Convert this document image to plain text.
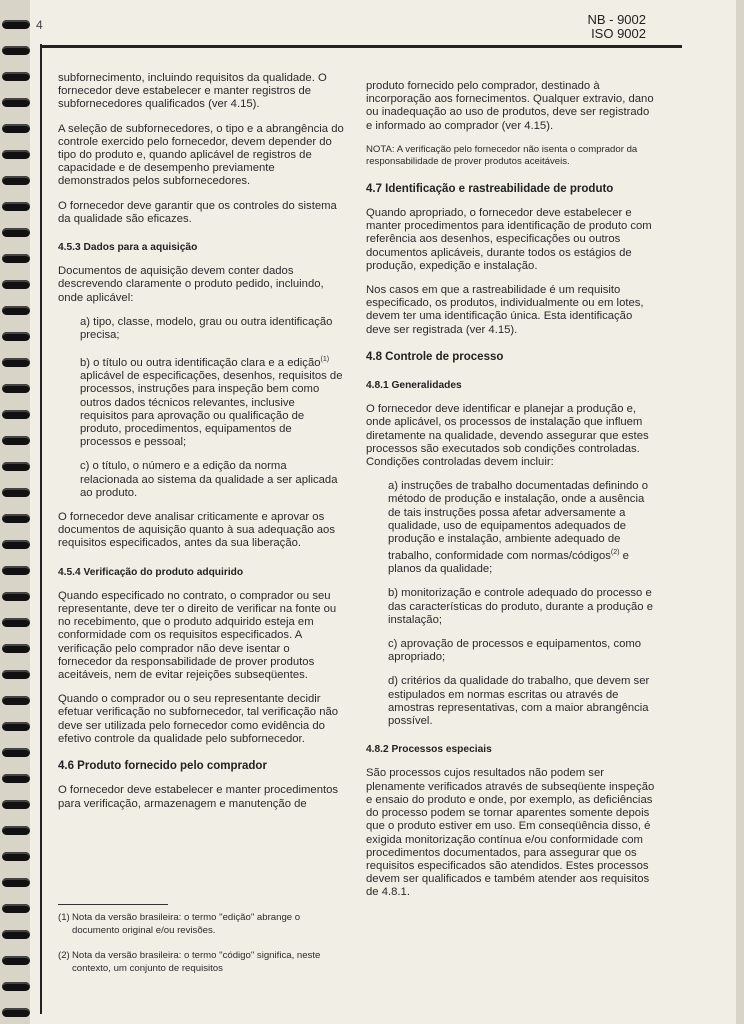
4	NB - 9002
ISO 9002

subfornecimento, incluindo requisitos da qualidade. O fornecedor deve estabelecer e manter registros de subfornecedores qualificados (ver 4.15).

A seleção de subfornecedores, o tipo e a abrangência do controle exercido pelo fornecedor, devem depender do tipo do produto e, quando aplicável de registros de capacidade e de desempenho previamente demonstrados pelos subfornecedores.

O fornecedor deve garantir que os controles do sistema da qualidade são eficazes.

4.5.3 Dados para a aquisição

Documentos de aquisição devem conter dados descrevendo claramente o produto pedido, incluindo, onde aplicável:

a) tipo, classe, modelo, grau ou outra identificação precisa;

b) o título ou outra identificação clara e a edição$^{(1)}$ aplicável de especificações, desenhos, requisitos de processos, instruções para inspeção bem como outros dados técnicos relevantes, inclusive requisitos para aprovação ou qualificação de produto, procedimentos, equipamentos de processos e pessoal;

c) o título, o número e a edição da norma relacionada ao sistema da qualidade a ser aplicada ao produto.

O fornecedor deve analisar criticamente e aprovar os documentos de aquisição quanto à sua adequação aos requisitos especificados, antes da sua liberação.

4.5.4 Verificação do produto adquirido

Quando especificado no contrato, o comprador ou seu representante, deve ter o direito de verificar na fonte ou no recebimento, que o produto adquirido esteja em conformidade com os requisitos especificados. A verificação pelo comprador não deve isentar o fornecedor da responsabilidade de prover produtos aceitáveis, nem de evitar rejeições subseqüentes.

Quando o comprador ou o seu representante decidir efetuar verificação no subfornecedor, tal verificação não deve ser utilizada pelo fornecedor como evidência do efetivo controle da qualidade pelo subfornecedor.

4.6 Produto fornecido pelo comprador

O fornecedor deve estabelecer e manter procedimentos para verificação, armazenagem e manutenção de

produto fornecido pelo comprador, destinado à incorporação aos fornecimentos. Qualquer extravio, dano ou inadequação ao uso de produtos, deve ser registrado e informado ao comprador (ver 4.15).

NOTA: A verificação pelo fornecedor não isenta o comprador da responsabilidade de prover produtos aceitáveis.

4.7 Identificação e rastreabilidade de produto

Quando apropriado, o fornecedor deve estabelecer e manter procedimentos para identificação de produto com referência aos desenhos, especificações ou outros documentos aplicáveis, durante todos os estágios de produção, expedição e instalação.

Nos casos em que a rastreabilidade é um requisito especificado, os produtos, individualmente ou em lotes, devem ter uma identificação única. Esta identificação deve ser registrada (ver 4.15).

4.8 Controle de processo
4.8.1 Generalidades

O fornecedor deve identificar e planejar a produção e, onde aplicável, os processos de instalação que influem diretamente na qualidade, devendo assegurar que estes processos são executados sob condições controladas. Condições controladas devem incluir:

a) instruções de trabalho documentadas definindo o método de produção e instalação, onde a ausência de tais instruções possa afetar adversamente a qualidade, uso de equipamentos adequados de produção e instalação, ambiente adequado de trabalho, conformidade com normas/códigos$^{(2)}$ e planos da qualidade;

b) monitorização e controle adequado do processo e das características do produto, durante a produção e instalação;

c) aprovação de processos e equipamentos, como apropriado;

d) critérios da qualidade do trabalho, que devem ser estipulados em normas escritas ou através de amostras representativas, com a maior abrangência possível.

4.8.2 Processos especiais

São processos cujos resultados não podem ser plenamente verificados através de subseqüente inspeção e ensaio do produto e onde, por exemplo, as deficiências do processo podem se tornar aparentes somente depois que o produto estiver em uso. Em conseqüência disso, é exigida monitorização contínua e/ou conformidade com procedimentos documentados, para assegurar que os requisitos especificados são atendidos. Estes processos devem ser qualificados e também atender aos requisitos de 4.8.1.

(1) Nota da versão brasileira: o termo "edição" abrange o documento original e/ou revisões.
(2) Nota da versão brasileira: o termo "código" significa, neste contexto, um conjunto de requisitos
